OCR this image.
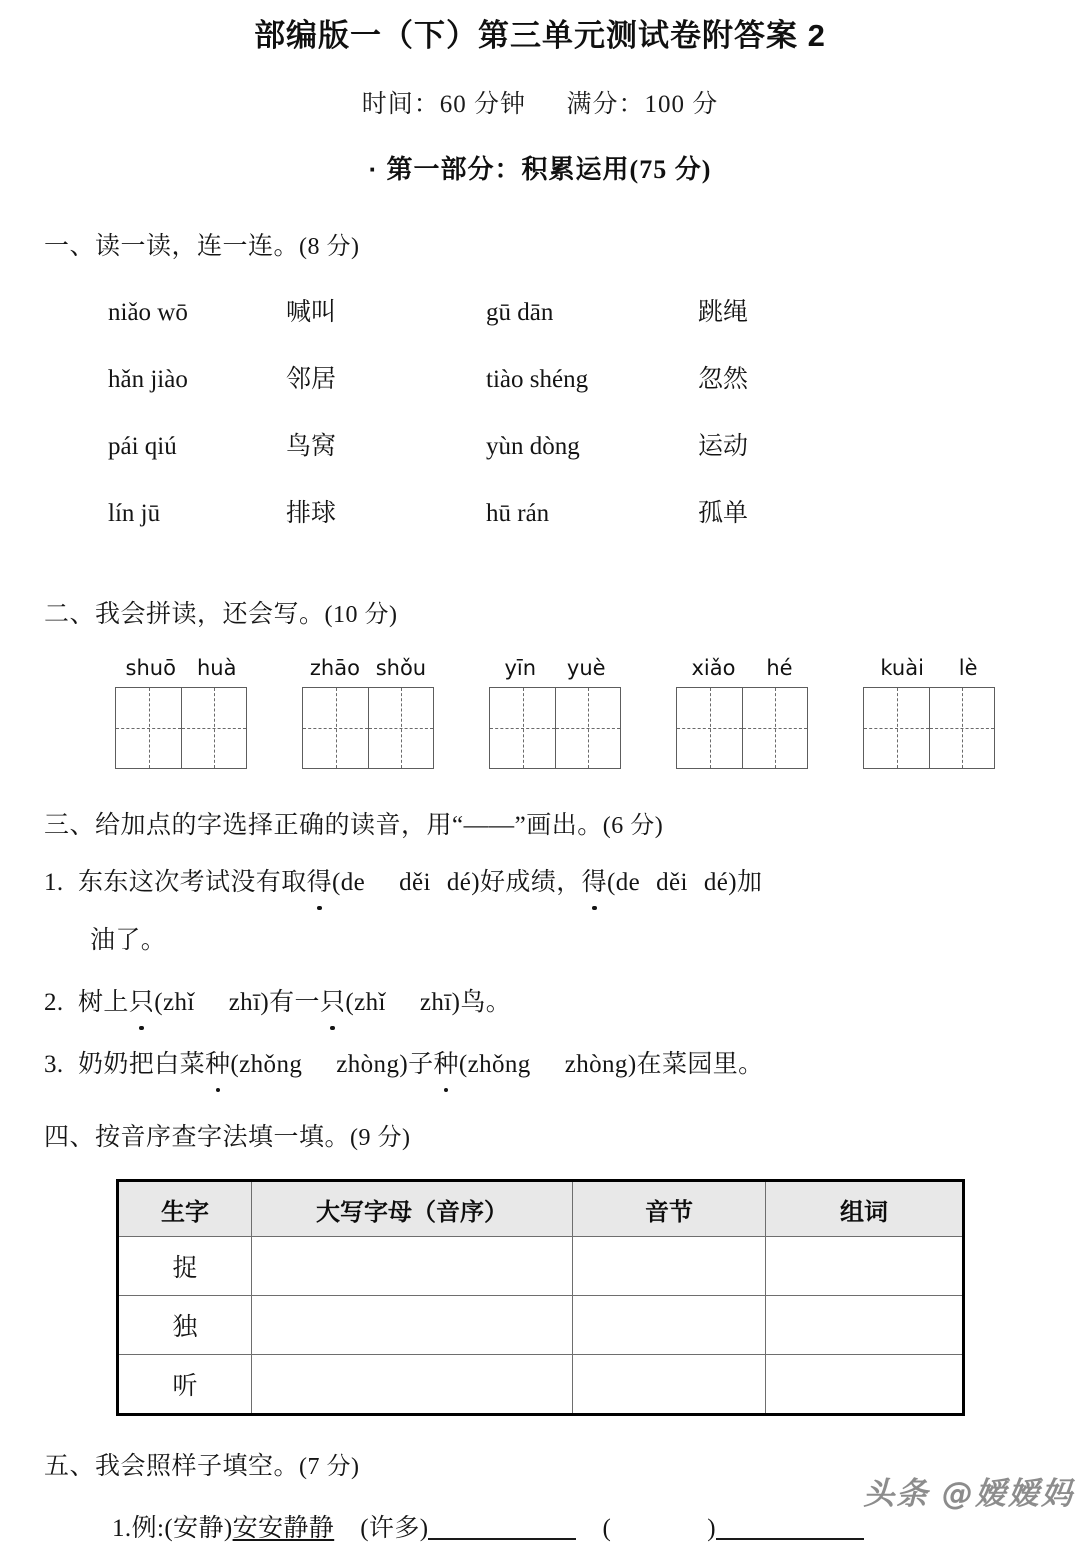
部编版一（下）第三单元测试卷附答案 2
时间：60 分钟 满分：100 分
· 第一部分：积累运用(75 分)
一、读一读，连一连。(8 分)
niǎo wō	喊叫	gū dān	跳绳
hǎn jiào	邻居	tiào shéng	忽然
pái qiú	鸟窝	yùn dòng	运动
lín jū	排球	hū rán	孤单
二、我会拼读，还会写。(10 分)
shuō huà	zhāo shǒu	yīn yuè	xiǎo hé	kuài lè
三、给加点的字选择正确的读音，用“——”画出。(6 分)
1. 东东这次考试没有取得(de děi dé)好成绩，得(de děi dé)加
油了。
2. 树上只(zhǐ zhī)有一只(zhǐ zhī)鸟。
3. 奶奶把白菜种(zhǒng zhòng)子种(zhǒng zhòng)在菜园里。
四、按音序查字法填一填。(9 分)
生字	大写字母（音序）	音节	组词
捉			
独			
听			
五、我会照样子填空。(7 分)
1.例:(安静)安安静静 (许多)	(	)
头条 @嫒嫒妈
